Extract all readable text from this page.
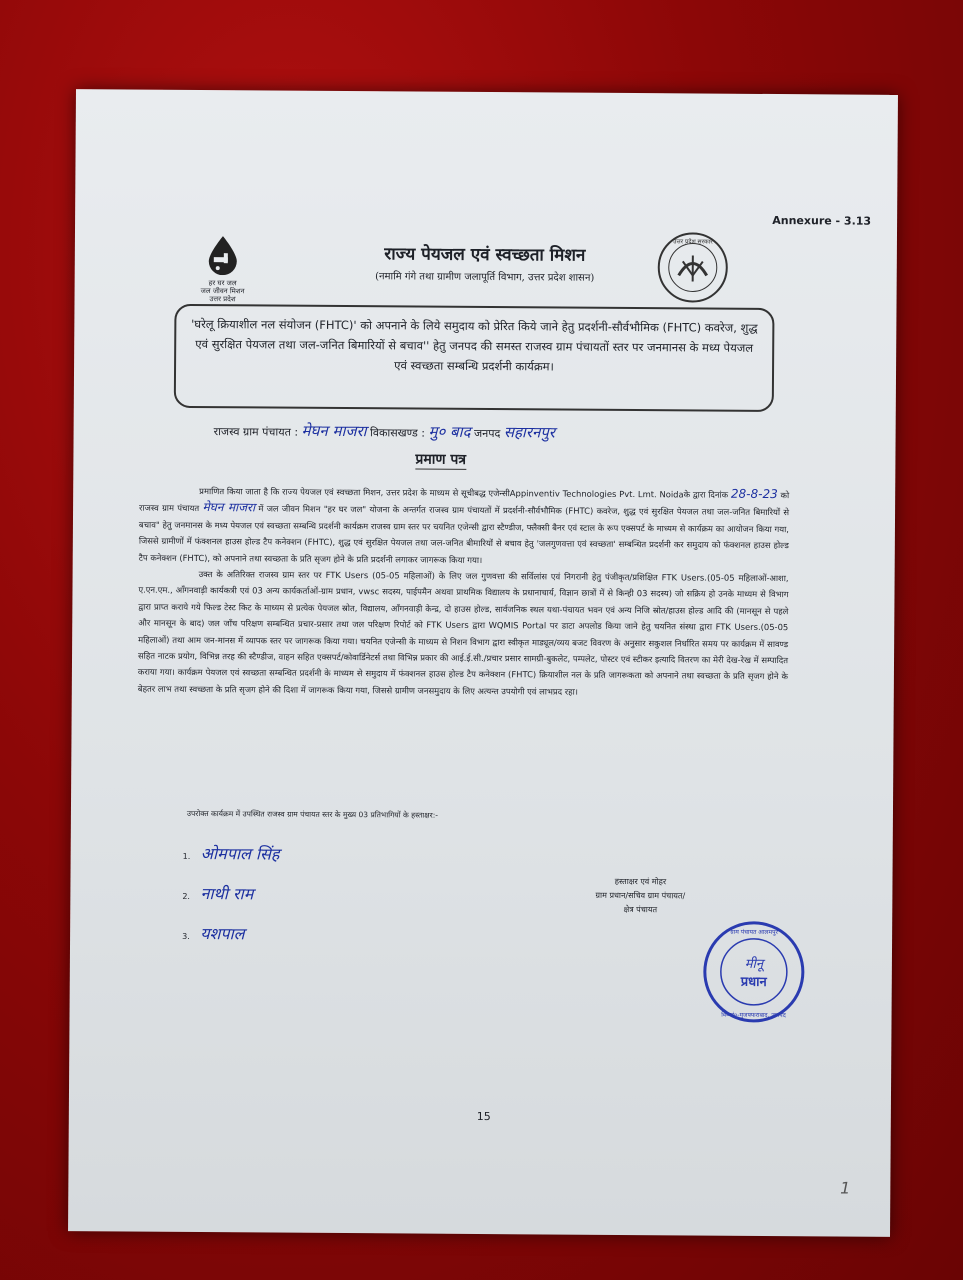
Annexure - 3.13
हर घर जल
जल जीवन मिशन
उत्तर प्रदेश
राज्य पेयजल एवं स्वच्छता मिशन

(नमामि गंगे तथा ग्रामीण जलापूर्ति विभाग, उत्तर प्रदेश शासन)

उत्तर प्रदेश सरकार
'घरेलू क्रियाशील नल संयोजन (FHTC)' को अपनाने के लिये समुदाय को प्रेरित किये जाने हेतु प्रदर्शनी-सौर्वभौमिक (FHTC) कवरेज, शुद्ध एवं सुरक्षित पेयजल तथा जल-जनित बिमारियों से बचाव'' हेतु जनपद की समस्त राजस्व ग्राम पंचायतों स्तर पर जनमानस के मध्य पेयजल एवं स्वच्छता सम्बन्धि प्रदर्शनी कार्यक्रम।
राजस्व ग्राम पंचायत : मेघन माजरा विकासखण्ड : मु० बाद जनपद सहारनपुर
प्रमाण पत्र

प्रमाणित किया जाता है कि राज्य पेयजल एवं स्वच्छता मिशन, उत्तर प्रदेश के माध्यम से सूचीबद्ध एजेन्सीAppinventiv Technologies Pvt. Lmt. Noidaके द्वारा दिनांक 28-8-23 को राजस्व ग्राम पंचायत मेघन माजरा में जल जीवन मिशन "हर घर जल" योजना के अन्तर्गत राजस्व ग्राम पंचायतों में प्रदर्शनी-सौर्वभौमिक (FHTC) कवरेज, शुद्ध एवं सुरक्षित पेयजल तथा जल-जनित बिमारियों से बचाव" हेतु जनमानस के मध्य पेयजल एवं स्वच्छता सम्बन्धि प्रदर्शनी कार्यक्रम राजस्व ग्राम स्तर पर चयनित एजेन्सी द्वारा स्टैण्डीज, फ्लैक्सी बैनर एवं स्टाल के रूप एक्सपर्ट के माध्यम से कार्यक्रम का आयोजन किया गया, जिससे ग्रामीणों में फंक्शनल हाउस होल्ड टैप कनेक्शन (FHTC), शुद्ध एवं सुरक्षित पेयजल तथा जल-जनित बीमारियों से बचाव हेतु 'जलगुणवत्ता एवं स्वच्छता' सम्बन्धित प्रदर्शनी कर समुदाय को फंक्शनल हाउस होल्ड टैप कनेक्शन (FHTC), को अपनाने तथा स्वच्छता के प्रति सृजग होने के प्रति प्रदर्शनी लगाकर जागरूक किया गया।

उक्त के अतिरिक्त राजस्व ग्राम स्तर पर FTK Users (05-05 महिलाओं) के लिए जल गुणवत्ता की सर्विलांस एवं निगरानी हेतु पंजीकृत/प्रशिक्षित FTK Users.(05-05 महिलाओं-आशा, ए.एन.एम., आँगनवाड़ी कार्यकत्री एवं 03 अन्य कार्यकर्ताओं-ग्राम प्रधान, vwsc सदस्य, पाईपमैन अथवा प्राथमिक विद्यालय के प्रधानाचार्य, विज्ञान छात्रों में से किन्ही 03 सदस्य) जो सक्रिय हो उनके माध्यम से विभाग द्वारा प्राप्त कराये गये फिल्ड टेस्ट किट के माध्यम से प्रत्येक पेयजल स्रोत, विद्यालय, आँगनवाड़ी केन्द्र, दो हाउस होल्ड, सार्वजनिक स्थल यथा-पंचायत भवन एवं अन्य निजि स्रोत/हाउस होल्ड आदि की (मानसून से पहले और मानसून के बाद) जल जाँच परिक्षण सम्बन्धित प्रचार-प्रसार तथा जल परिक्षण रिपोर्ट को FTK Users द्वारा WQMIS Portal पर डाटा अपलोड किया जाने हेतु चयनित संस्था द्वारा FTK Users.(05-05 महिलाओं) तथा आम जन-मानस में व्यापक स्तर पर जागरूक किया गया। चयनित एजेन्सी के माध्यम से निशन विभाग द्वारा स्वीकृत माड्यूल/व्यय बजट विवरण के अनुसार सकुशल निर्धारित समय पर कार्यक्रम में सावण्ड सहित नाटक प्रयोग, विभिन्न तरह की स्टैण्डीज, वाहन सहित एक्सपर्ट/कोवार्डिनेटर्स तथा विभिन्न प्रकार की आई.ई.सी./प्रचार प्रसार सामग्री-बुकलेट, पम्पलेट, पोस्टर एवं स्टीकर इत्यादि वितरण का मेरी देख-रेख में सम्पादित कराया गया। कार्यक्रम पेयजल एवं स्वच्छता सम्बन्धित प्रदर्शनी के माध्यम से समुदाय में फंक्शनल हाउस होल्ड टैप कनेक्शन (FHTC) क्रियाशील नल के प्रति जागरूकता को अपनाने तथा स्वच्छता के प्रति सृजग होने के बेहतर लाभ तथा स्वच्छता के प्रति सृजग होने की दिशा में जागरूक किया गया, जिससे ग्रामीण जनसमुदाय के लिए अत्यन्त उपयोगी एवं लाभप्रद रहा।

उपरोक्त कार्यक्रम में उपस्थित राजस्व ग्राम पंचायत स्तर के मुख्य 03 प्रतिभागियों के हस्ताक्षर:-
1. ओमपाल सिंह
2. नाथी राम
3. यशपाल
हस्ताक्षर एवं मोहर
ग्राम प्रधान/सचिव ग्राम पंचायत/
क्षेत्र पंचायत
ग्राम पंचायत आलमपुर
मीनू
प्रधान
वि०खं०-मुजफ्फराबाद, जनपद
15
1
